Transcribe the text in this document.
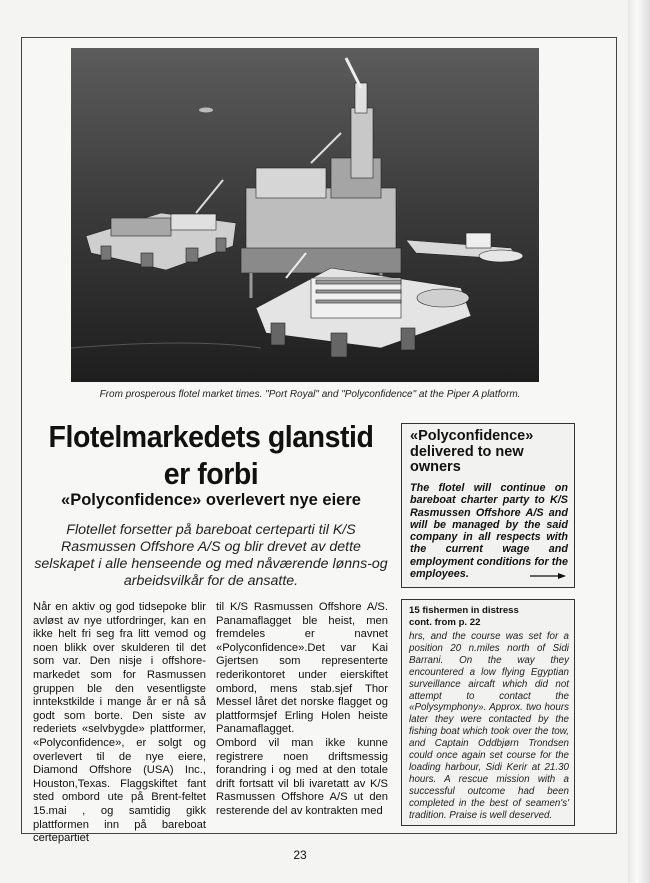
From prosperous flotel market times. "Port Royal" and "Polyconfidence" at the Piper A platform.
Flotelmarkedets glanstid
er forbi
«Polyconfidence» overlevert nye eiere
Flotellet forsetter på bareboat certeparti til K/S Rasmussen Offshore A/S og blir drevet av dette selskapet i alle henseende og med nåværende lønns-og arbeidsvilkår for de ansatte.
Når en aktiv og god tidsepoke blir avløst av nye utfordringer, kan en ikke helt fri seg fra litt vemod og noen blikk over skulderen til det som var. Den nisje i offshore-markedet som for Rasmussen gruppen ble den vesentligste inntekstkilde i mange år er nå så godt som borte. Den siste av rederiets «selvbygde» plattformer, «Polyconfidence», er solgt og overlevert til de nye eiere, Diamond Offshore (USA) Inc., Houston,Texas. Flaggskiftet fant sted ombord ute på Brent-feltet 15.mai , og samtidig gikk plattformen inn på bareboat certepartiet
til K/S Rasmussen Offshore A/S. Panamaflagget ble heist, men fremdeles er navnet «Polyconfidence».Det var Kai Gjertsen som representerte rederikontoret under eierskiftet ombord, mens stab.sjef Thor Messel låret det norske flagget og plattformsjef Erling Holen heiste Panamaflagget.
Ombord vil man ikke kunne registrere noen driftsmessig forandring i og med at den totale drift fortsatt vil bli ivaretatt av K/S Rasmussen Offshore A/S ut den resterende del av kontrakten med
«Polyconfidence» delivered to new owners
The flotel will continue on bareboat charter party to K/S Rasmussen Offshore A/S and will be managed by the said company in all respects with the current wage and employment conditions for the employees.
15 fishermen in distress
cont. from p. 22
hrs, and the course was set for a position 20 n.miles north of Sidi Barrani. On the way they encountered a low flying Egyptian surveillance aircaft which did not attempt to contact the «Polysymphony». Approx. two hours later they were contacted by the fishing boat which took over the tow, and Captain Oddbjørn Trondsen could once again set course for the loading harbour, Sidi Kerir at 21.30 hours. A rescue mission with a successful outcome had been completed in the best of seamen's' tradition. Praise is well deserved.
23
